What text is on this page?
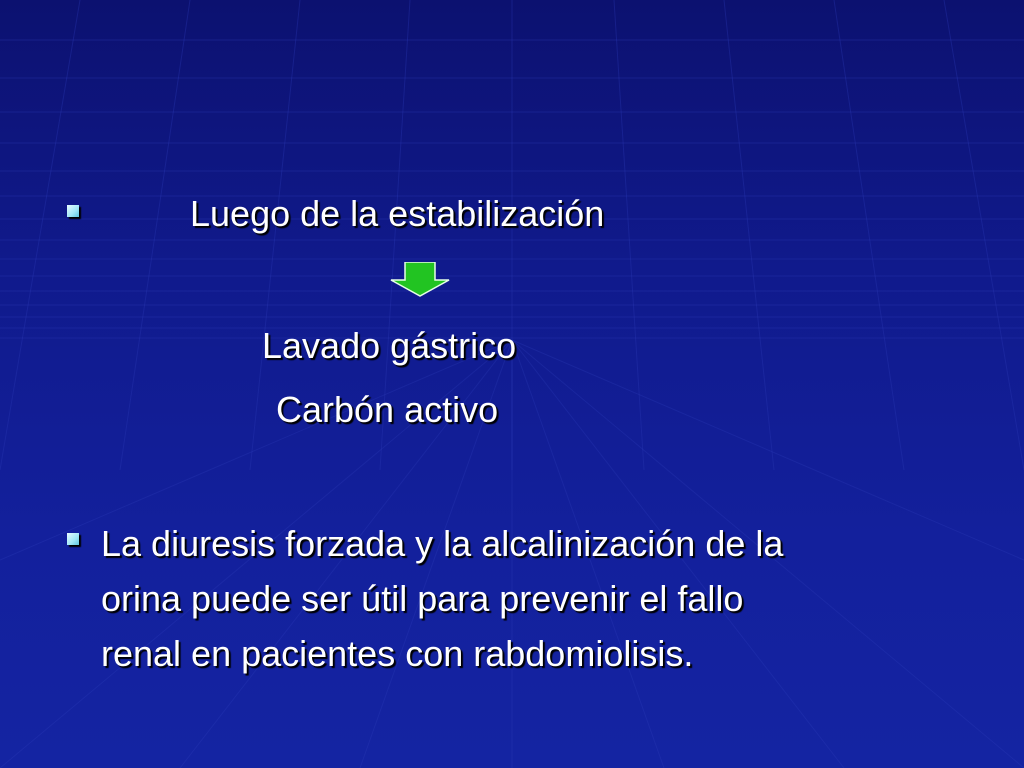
Luego de la estabilización
Lavado gástrico
Carbón activo
La diuresis forzada y la alcalinización de la
orina puede ser útil para prevenir el fallo
renal en pacientes con rabdomiolisis.
